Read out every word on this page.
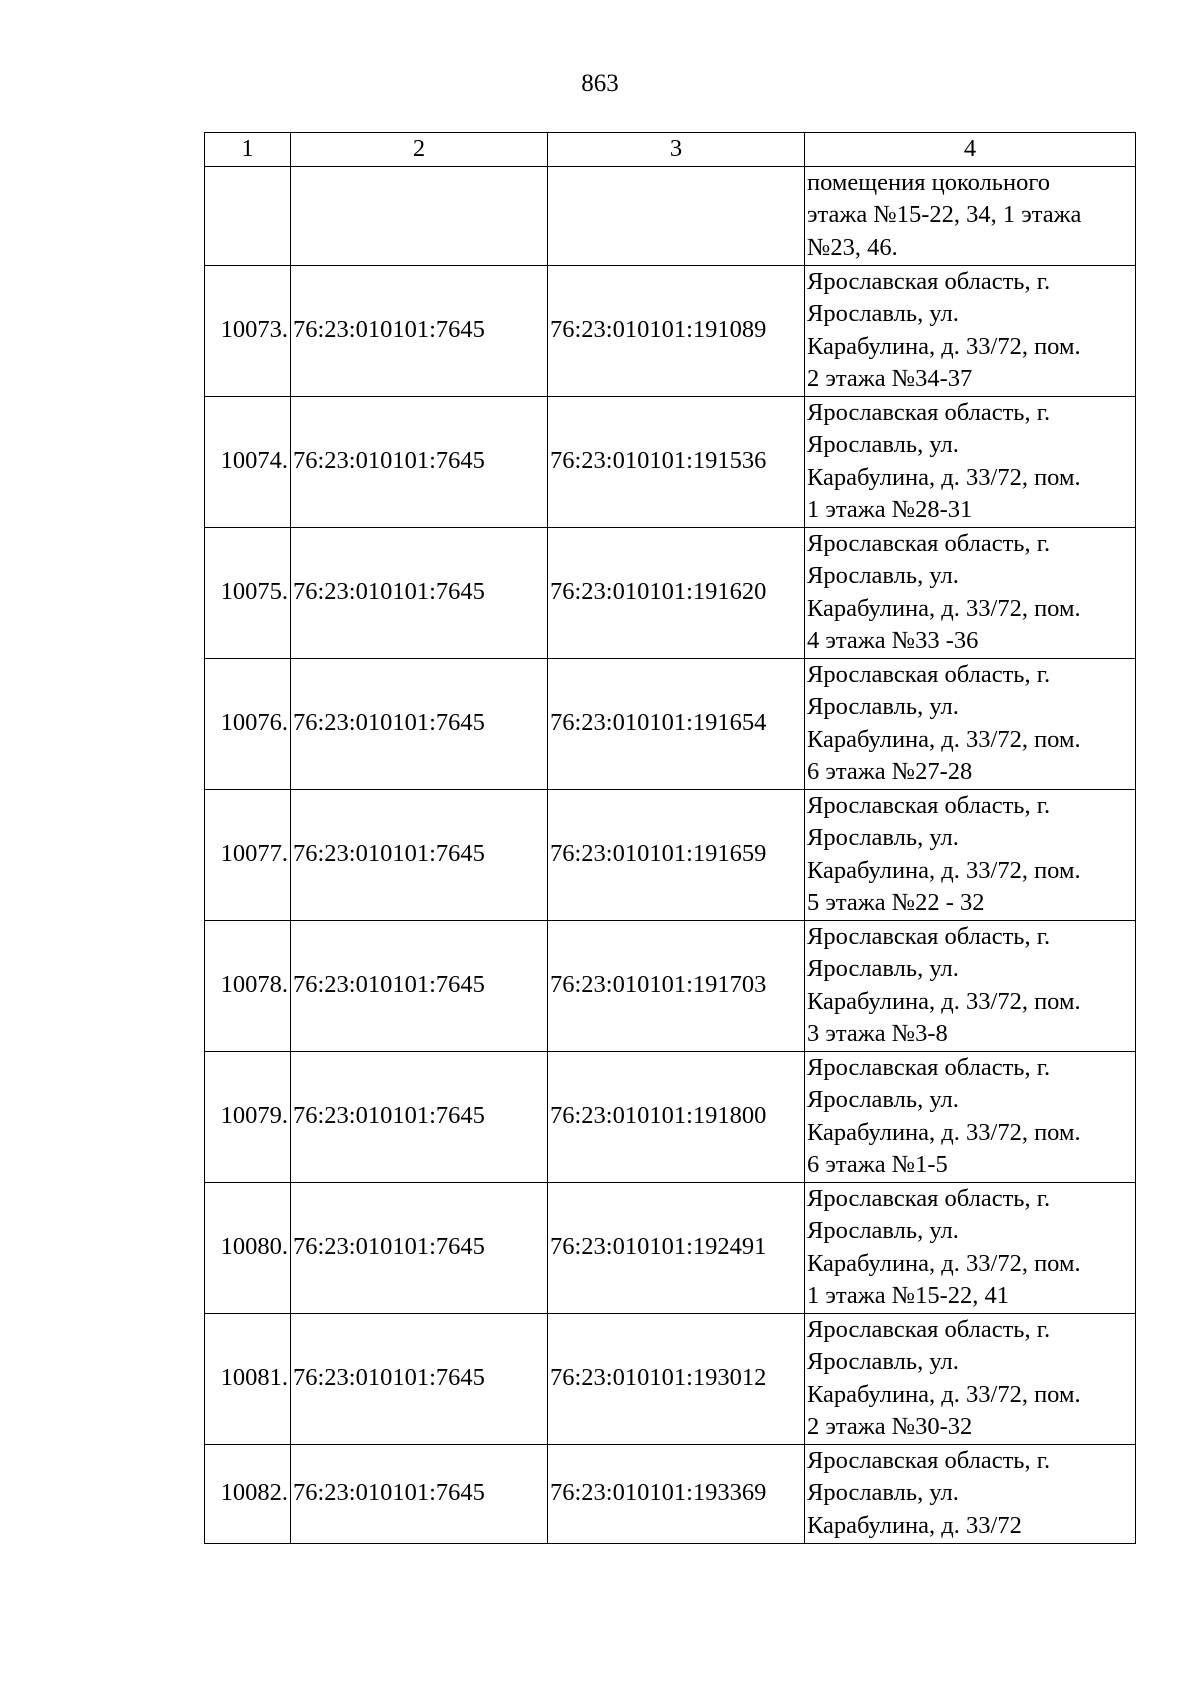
863
1	2	3	4

			помещения цокольного
этажа №15-22, 34, 1 этажа
№23, 46.

10073.	76:23:010101:7645	76:23:010101:191089	Ярославская область, г.
Ярославль, ул.
Карабулина, д. 33/72, пом.
2 этажа №34-37

10074.	76:23:010101:7645	76:23:010101:191536	Ярославская область, г.
Ярославль, ул.
Карабулина, д. 33/72, пом.
1 этажа №28-31

10075.	76:23:010101:7645	76:23:010101:191620	Ярославская область, г.
Ярославль, ул.
Карабулина, д. 33/72, пом.
4 этажа №33 -36

10076.	76:23:010101:7645	76:23:010101:191654	Ярославская область, г.
Ярославль, ул.
Карабулина, д. 33/72, пом.
6 этажа №27-28

10077.	76:23:010101:7645	76:23:010101:191659	Ярославская область, г.
Ярославль, ул.
Карабулина, д. 33/72, пом.
5 этажа №22 - 32

10078.	76:23:010101:7645	76:23:010101:191703	Ярославская область, г.
Ярославль, ул.
Карабулина, д. 33/72, пом.
3 этажа №3-8

10079.	76:23:010101:7645	76:23:010101:191800	Ярославская область, г.
Ярославль, ул.
Карабулина, д. 33/72, пом.
6 этажа №1-5

10080.	76:23:010101:7645	76:23:010101:192491	Ярославская область, г.
Ярославль, ул.
Карабулина, д. 33/72, пом.
1 этажа №15-22, 41

10081.	76:23:010101:7645	76:23:010101:193012	Ярославская область, г.
Ярославль, ул.
Карабулина, д. 33/72, пом.
2 этажа №30-32

10082.	76:23:010101:7645	76:23:010101:193369	Ярославская область, г.
Ярославль, ул.
Карабулина, д. 33/72
